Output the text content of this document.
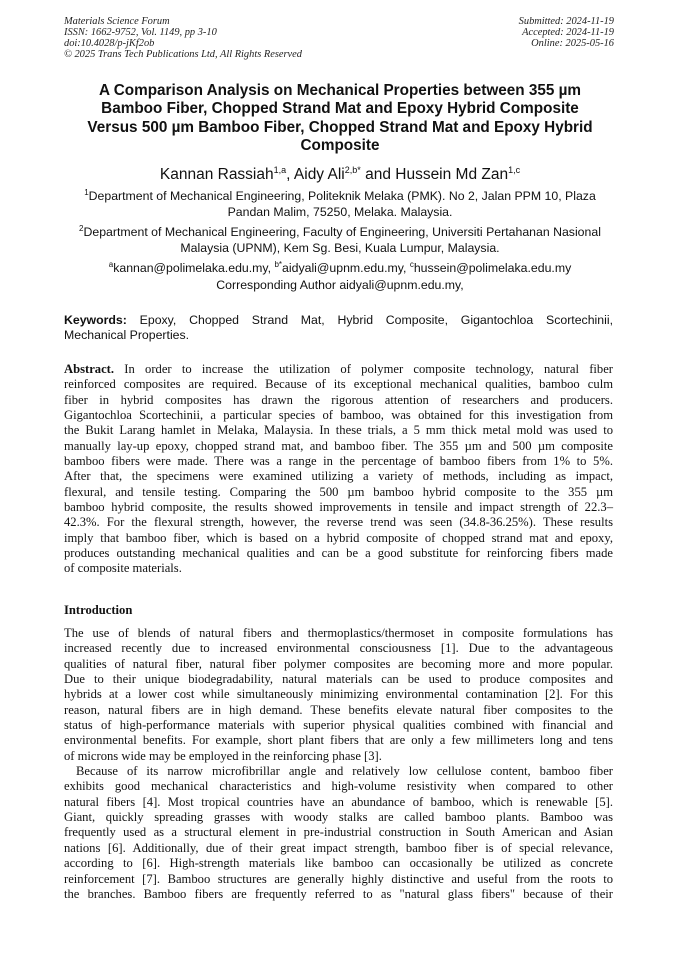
Materials Science Forum
ISSN: 1662-9752, Vol. 1149, pp 3-10
doi:10.4028/p-jKf2ob
© 2025 Trans Tech Publications Ltd, All Rights Reserved
Submitted: 2024-11-19
Accepted: 2024-11-19
Online: 2025-05-16
A Comparison Analysis on Mechanical Properties between 355 µm
Bamboo Fiber, Chopped Strand Mat and Epoxy Hybrid Composite
Versus 500 µm Bamboo Fiber, Chopped Strand Mat and Epoxy Hybrid
Composite
Kannan Rassiah$^{1,a}$, Aidy Ali$^{2,b*}$ and Hussein Md Zan$^{1,c}$
$^1$Department of Mechanical Engineering, Politeknik Melaka (PMK). No 2, Jalan PPM 10, Plaza
Pandan Malim, 75250, Melaka. Malaysia.
$^2$Department of Mechanical Engineering, Faculty of Engineering, Universiti Pertahanan Nasional
Malaysia (UPNM), Kem Sg. Besi, Kuala Lumpur, Malaysia.
$^a$kannan@polimelaka.edu.my, $^{b*}$aidyali@upnm.edu.my, $^c$hussein@polimelaka.edu.my
Corresponding Author aidyali@upnm.edu.my,
Keywords: Epoxy, Chopped Strand Mat, Hybrid Composite, Gigantochloa Scortechinii,
Mechanical Properties.
Abstract. In order to increase the utilization of polymer composite technology, natural fiber
reinforced composites are required. Because of its exceptional mechanical qualities, bamboo culm
fiber in hybrid composites has drawn the rigorous attention of researchers and producers.
Gigantochloa Scortechinii, a particular species of bamboo, was obtained for this investigation from
the Bukit Larang hamlet in Melaka, Malaysia. In these trials, a 5 mm thick metal mold was used to
manually lay-up epoxy, chopped strand mat, and bamboo fiber. The 355 µm and 500 µm composite
bamboo fibers were made. There was a range in the percentage of bamboo fibers from 1% to 5%.
After that, the specimens were examined utilizing a variety of methods, including as impact,
flexural, and tensile testing. Comparing the 500 µm bamboo hybrid composite to the 355 µm
bamboo hybrid composite, the results showed improvements in tensile and impact strength of 22.3–
42.3%. For the flexural strength, however, the reverse trend was seen (34.8-36.25%). These results
imply that bamboo fiber, which is based on a hybrid composite of chopped strand mat and epoxy,
produces outstanding mechanical qualities and can be a good substitute for reinforcing fibers made
of composite materials.
Introduction
The use of blends of natural fibers and thermoplastics/thermoset in composite formulations has
increased recently due to increased environmental consciousness [1]. Due to the advantageous
qualities of natural fiber, natural fiber polymer composites are becoming more and more popular.
Due to their unique biodegradability, natural materials can be used to produce composites and
hybrids at a lower cost while simultaneously minimizing environmental contamination [2]. For this
reason, natural fibers are in high demand. These benefits elevate natural fiber composites to the
status of high-performance materials with superior physical qualities combined with financial and
environmental benefits. For example, short plant fibers that are only a few millimeters long and tens
of microns wide may be employed in the reinforcing phase [3].
Because of its narrow microfibrillar angle and relatively low cellulose content, bamboo fiber
exhibits good mechanical characteristics and high-volume resistivity when compared to other
natural fibers [4]. Most tropical countries have an abundance of bamboo, which is renewable [5].
Giant, quickly spreading grasses with woody stalks are called bamboo plants. Bamboo was
frequently used as a structural element in pre-industrial construction in South American and Asian
nations [6]. Additionally, due of their great impact strength, bamboo fiber is of special relevance,
according to [6]. High-strength materials like bamboo can occasionally be utilized as concrete
reinforcement [7]. Bamboo structures are generally highly distinctive and useful from the roots to
the branches. Bamboo fibers are frequently referred to as "natural glass fibers" because of their
